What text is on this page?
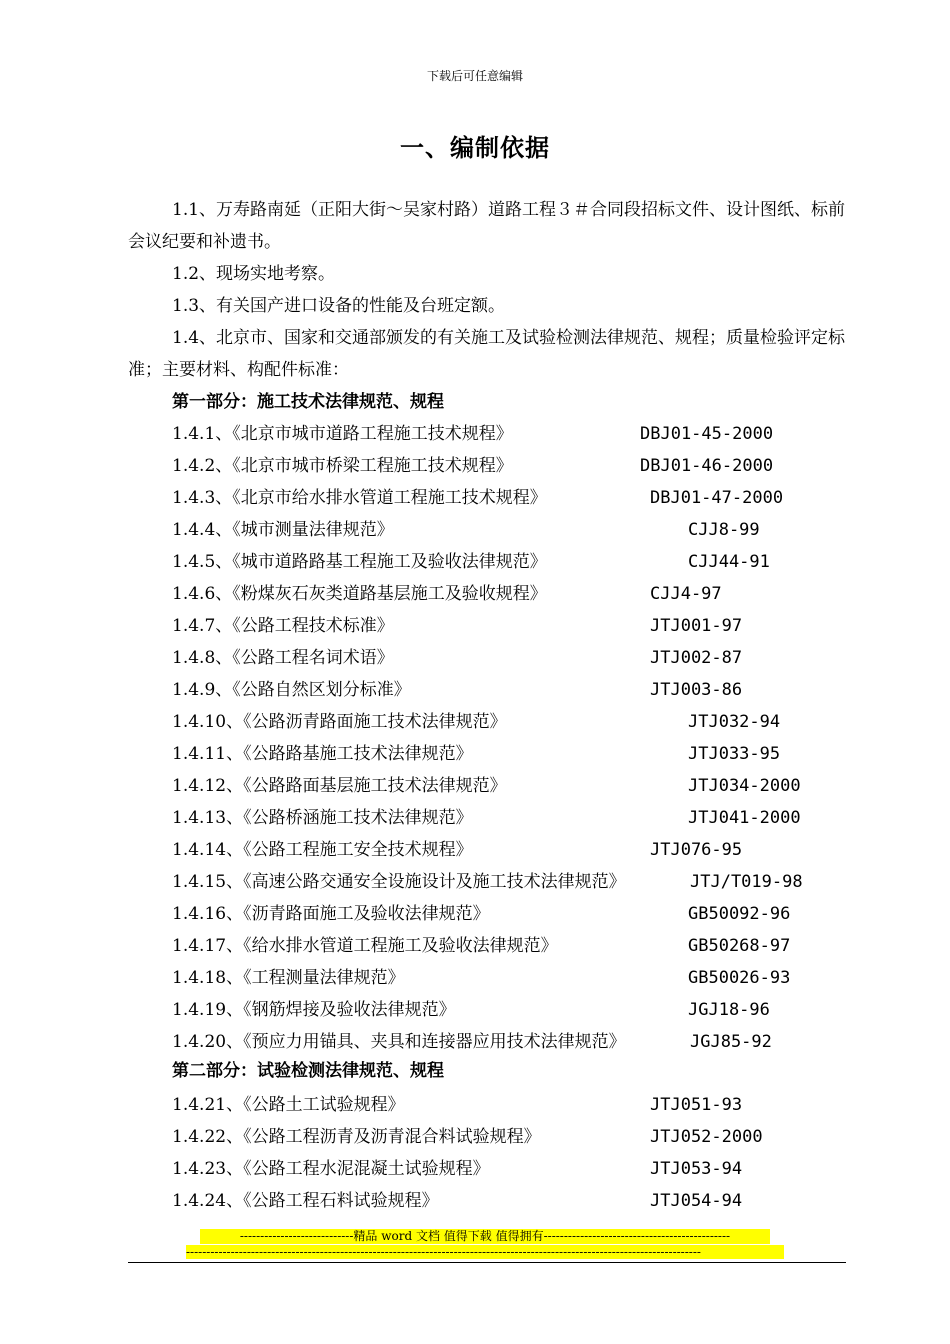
下载后可任意编辑
一、编制依据
1.1、万寿路南延（正阳大街～吴家村路）道路工程３＃合同段招标文件、设计图纸、标前会议纪要和补遗书。
1.2、现场实地考察。
1.3、有关国产进口设备的性能及台班定额。
1.4、北京市、国家和交通部颁发的有关施工及试验检测法律规范、规程；质量检验评定标准；主要材料、构配件标准：
第一部分：施工技术法律规范、规程
第二部分：试验检测法律规范、规程
----------------------------精品 word 文档 值得下载 值得拥有----------------------------------------------
-------------------------------------------------------------------------------------------------------------------------------
1.4.1、《北京市城市道路工程施工技术规程》	DBJ01-45-2000
1.4.2、《北京市城市桥梁工程施工技术规程》	DBJ01-46-2000
1.4.3、《北京市给水排水管道工程施工技术规程》	DBJ01-47-2000
1.4.4、《城市测量法律规范》	CJJ8-99
1.4.5、《城市道路路基工程施工及验收法律规范》	CJJ44-91
1.4.6、《粉煤灰石灰类道路基层施工及验收规程》	CJJ4-97
1.4.7、《公路工程技术标准》	JTJ001-97
1.4.8、《公路工程名词术语》	JTJ002-87
1.4.9、《公路自然区划分标准》	JTJ003-86
1.4.10、《公路沥青路面施工技术法律规范》	JTJ032-94
1.4.11、《公路路基施工技术法律规范》	JTJ033-95
1.4.12、《公路路面基层施工技术法律规范》	JTJ034-2000
1.4.13、《公路桥涵施工技术法律规范》	JTJ041-2000
1.4.14、《公路工程施工安全技术规程》	JTJ076-95
1.4.15、《高速公路交通安全设施设计及施工技术法律规范》	JTJ/T019-98
1.4.16、《沥青路面施工及验收法律规范》	GB50092-96
1.4.17、《给水排水管道工程施工及验收法律规范》	GB50268-97
1.4.18、《工程测量法律规范》	GB50026-93
1.4.19、《钢筋焊接及验收法律规范》	JGJ18-96
1.4.20、《预应力用锚具、夹具和连接器应用技术法律规范》	JGJ85-92
1.4.21、《公路土工试验规程》	JTJ051-93
1.4.22、《公路工程沥青及沥青混合料试验规程》	JTJ052-2000
1.4.23、《公路工程水泥混凝土试验规程》	JTJ053-94
1.4.24、《公路工程石料试验规程》	JTJ054-94
